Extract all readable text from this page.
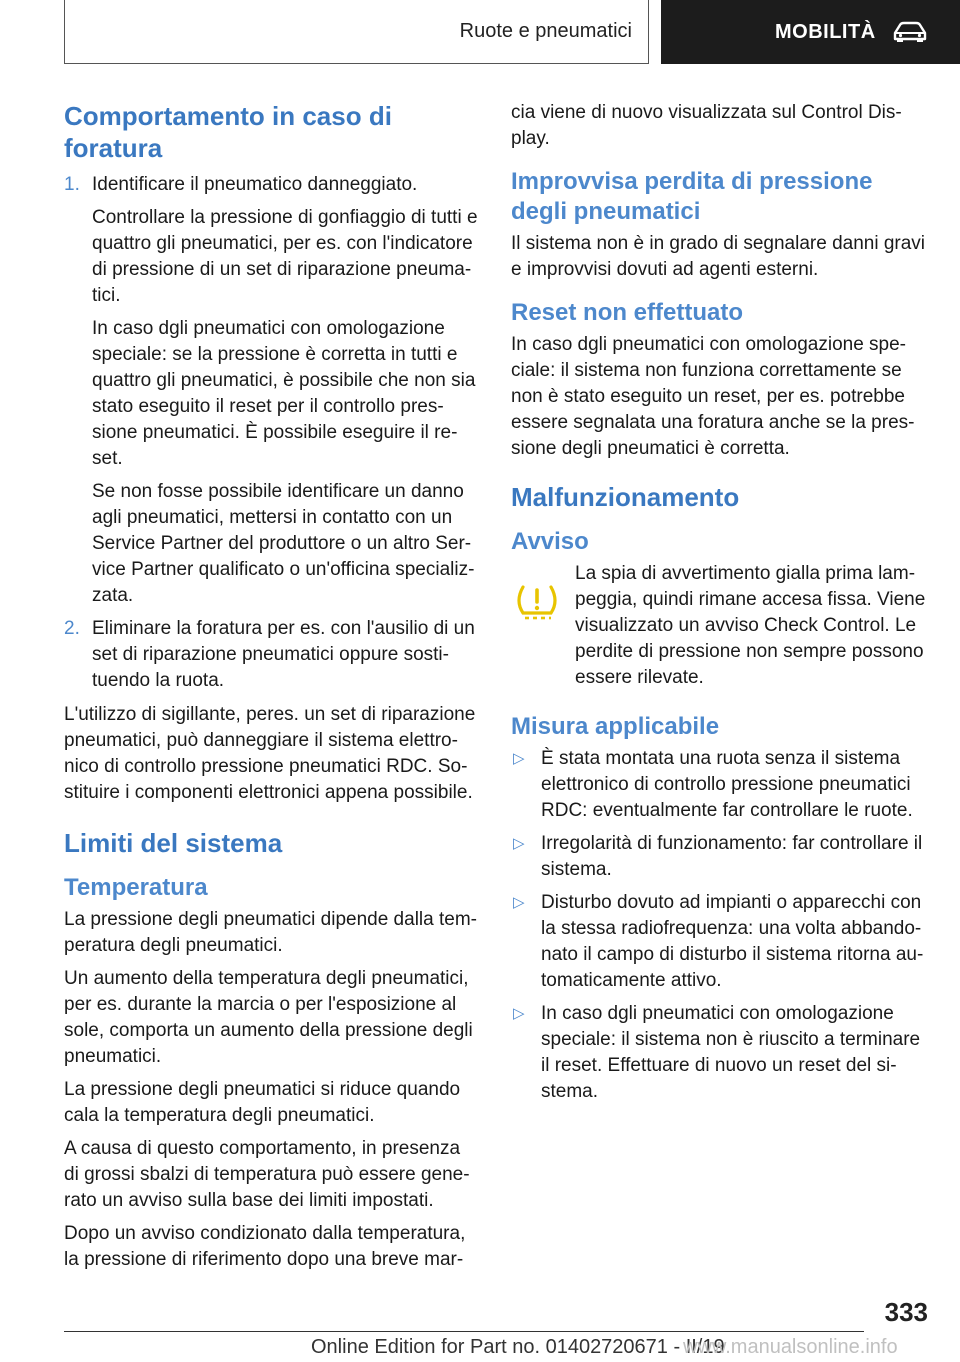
Ruote e pneumatici	MOBILITÀ
Comportamento in caso di foratura
1. Identificare il pneumatico danneggiato.

Controllare la pressione di gonfiaggio di tutti e quattro gli pneumatici, per es. con l'indicatore di pressione di un set di riparazione pneuma‐tici.

In caso dgli pneumatici con omologazione speciale: se la pressione è corretta in tutti e quattro gli pneumatici, è possibile che non sia stato eseguito il reset per il controllo pres‐sione pneumatici. È possibile eseguire il re‐set.

Se non fosse possibile identificare un danno agli pneumatici, mettersi in contatto con un Service Partner del produttore o un altro Ser‐vice Partner qualificato o un'officina specializ‐zata.

2. Eliminare la foratura per es. con l'ausilio di un set di riparazione pneumatici oppure sosti‐tuendo la ruota.

L'utilizzo di sigillante, peres. un set di riparazione pneumatici, può danneggiare il sistema elettro‐nico di controllo pressione pneumatici RDC. So‐stituire i componenti elettronici appena possibile.

Limiti del sistema
Temperatura

La pressione degli pneumatici dipende dalla tem‐peratura degli pneumatici.

Un aumento della temperatura degli pneumatici, per es. durante la marcia o per l'esposizione al sole, comporta un aumento della pressione degli pneumatici.

La pressione degli pneumatici si riduce quando cala la temperatura degli pneumatici.

A causa di questo comportamento, in presenza di grossi sbalzi di temperatura può essere gene‐rato un avviso sulla base dei limiti impostati.

Dopo un avviso condizionato dalla temperatura, la pressione di riferimento dopo una breve mar‐

cia viene di nuovo visualizzata sul Control Dis‐play.

Improvvisa perdita di pressione degli pneumatici

Il sistema non è in grado di segnalare danni gravi e improvvisi dovuti ad agenti esterni.

Reset non effettuato

In caso dgli pneumatici con omologazione spe‐ciale: il sistema non funziona correttamente se non è stato eseguito un reset, per es. potrebbe essere segnalata una foratura anche se la pres‐sione degli pneumatici è corretta.

Malfunzionamento
Avviso

La spia di avvertimento gialla prima lam‐peggia, quindi rimane accesa fissa. Viene visualizzato un avviso Check Control. Le perdite di pressione non sempre possono essere rilevate.

Misura applicabile
▷ È stata montata una ruota senza il sistema elettronico di controllo pressione pneumatici RDC: eventualmente far controllare le ruote.

▷ Irregolarità di funzionamento: far controllare il sistema.

▷ Disturbo dovuto ad impianti o apparecchi con la stessa radiofrequenza: una volta abbando‐nato il campo di disturbo il sistema ritorna au‐tomaticamente attivo.

▷ In caso dgli pneumatici con omologazione speciale: il sistema non è riuscito a terminare il reset. Effettuare di nuovo un reset del si‐stema.

333
Online Edition for Part no. 01402720671 - II/19
www.manualsonline.info
